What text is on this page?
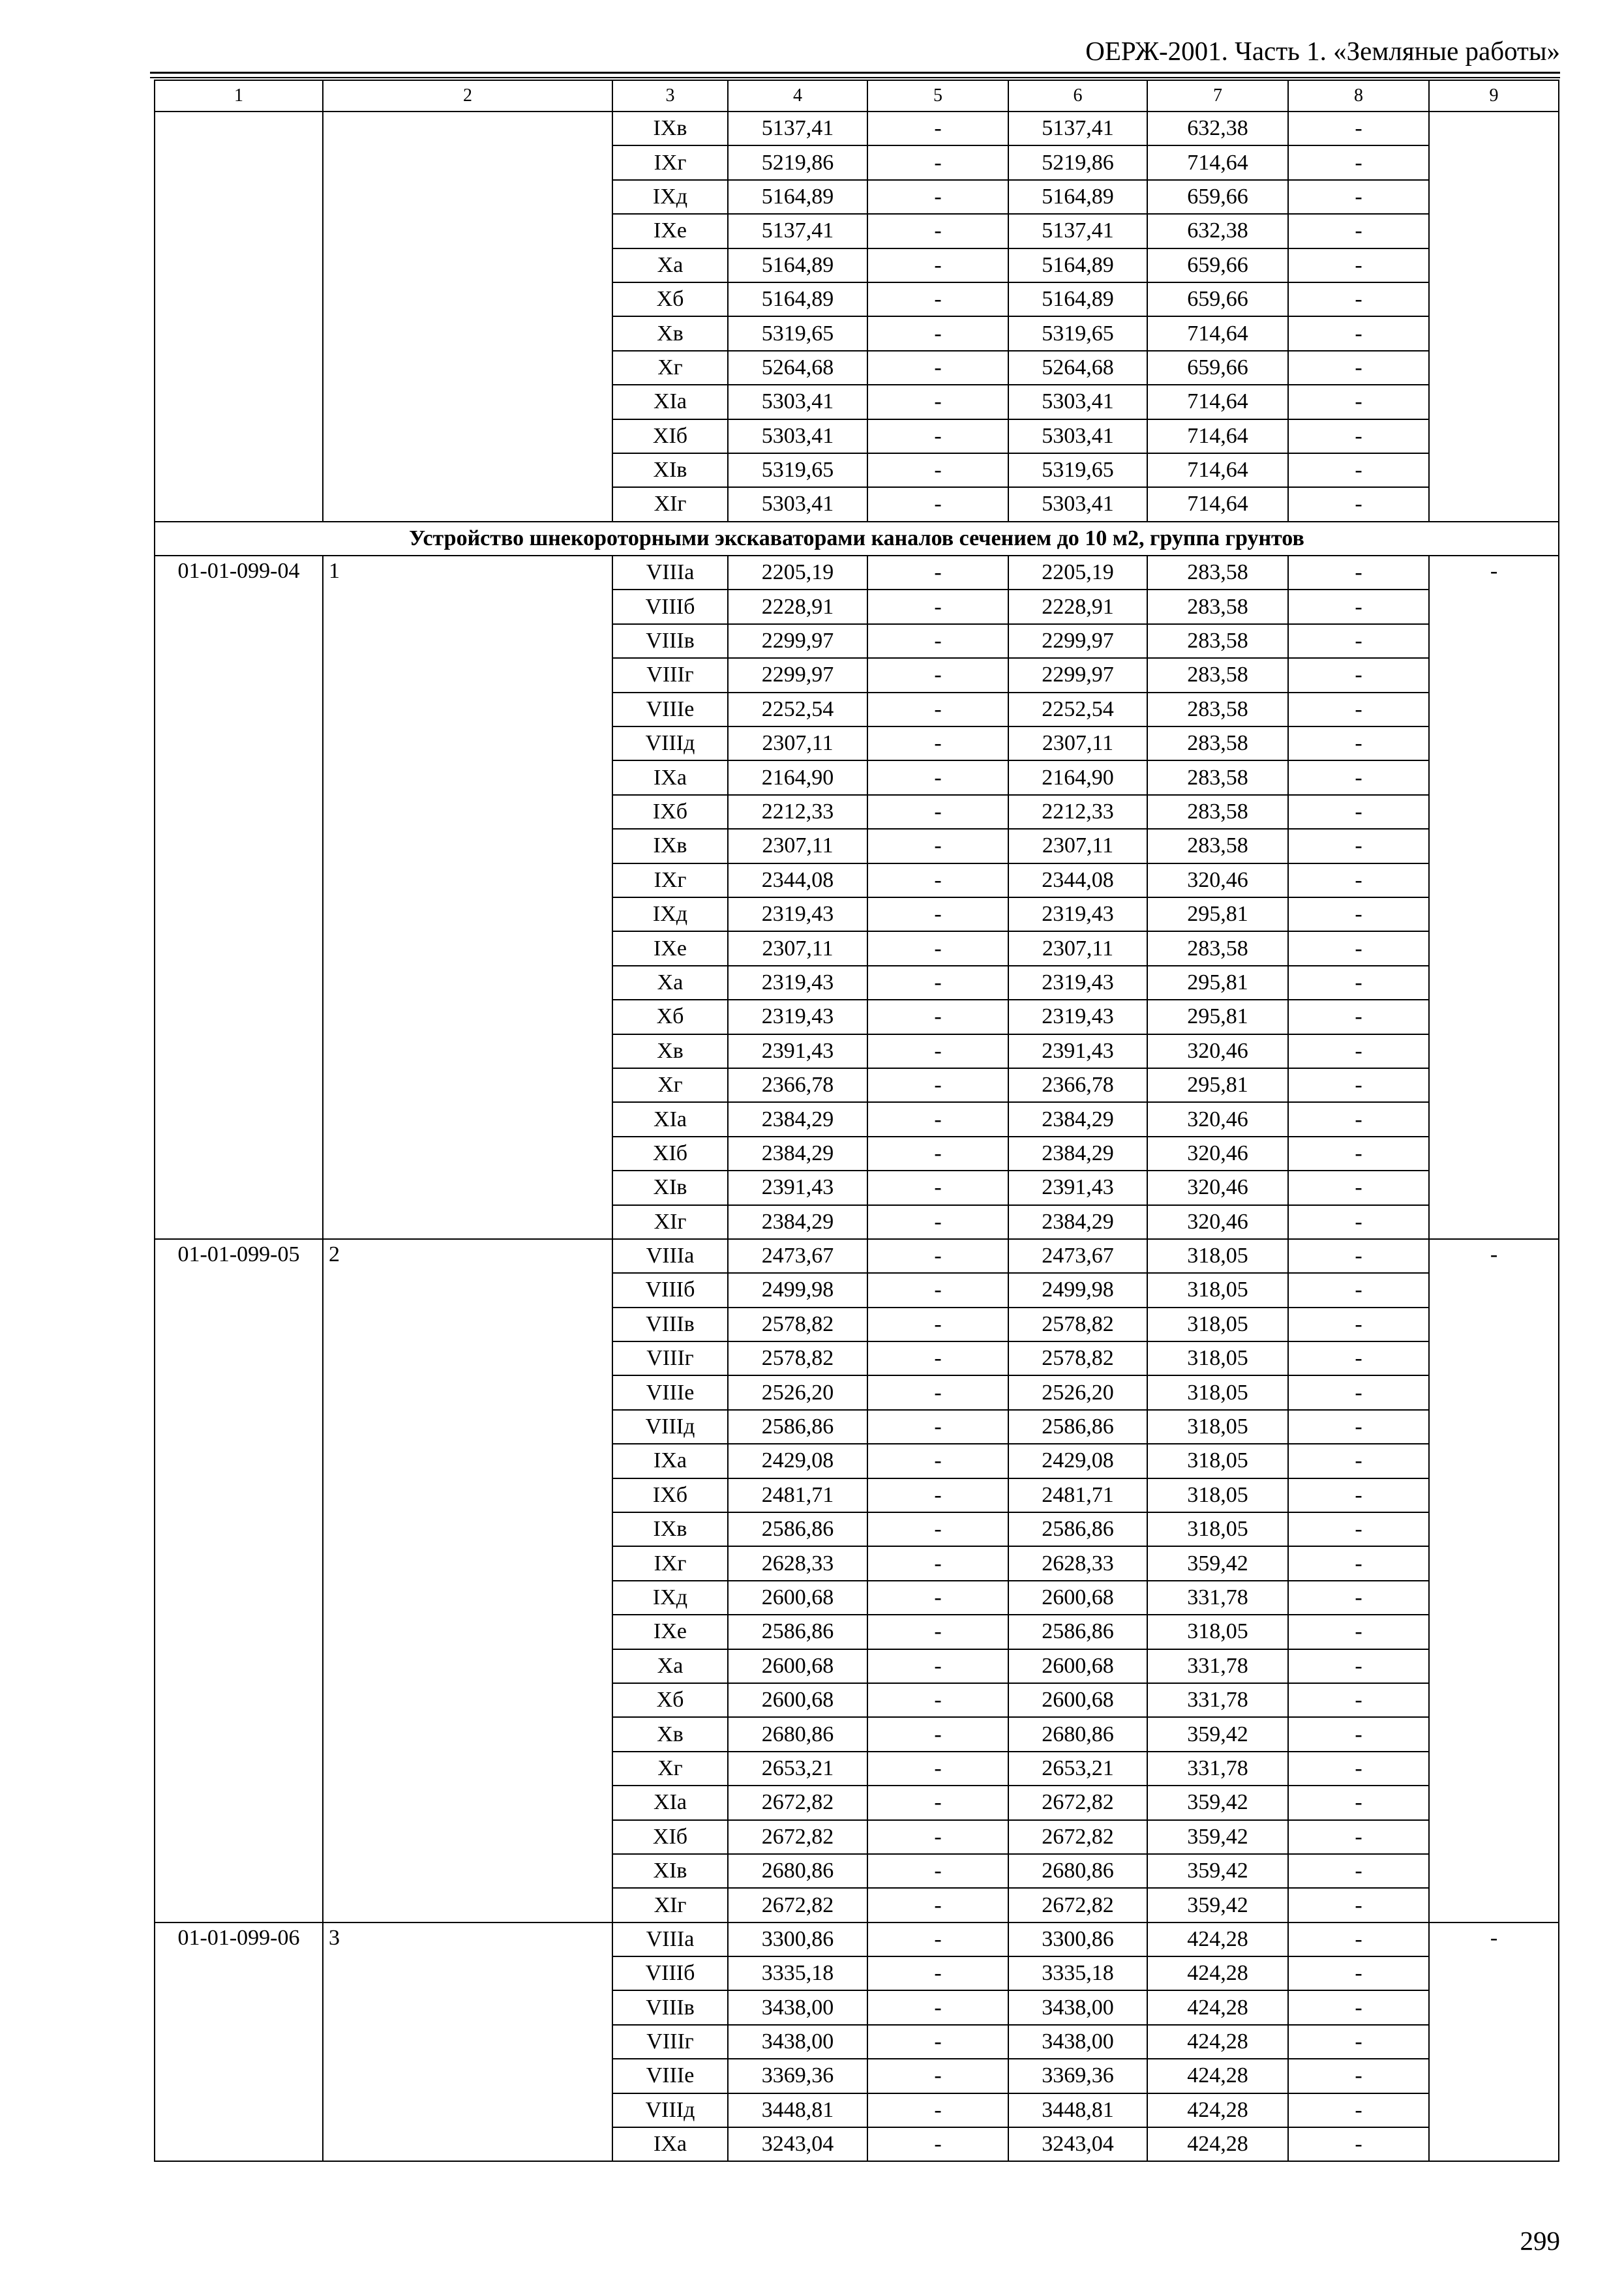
ОЕРЖ-2001. Часть 1. «Земляные работы»
1	2	3	4	5	6	7	8	9
		IXв	5137,41	-	5137,41	632,38	-	
		IXг	5219,86	-	5219,86	714,64	-	
		IXд	5164,89	-	5164,89	659,66	-	
		IXе	5137,41	-	5137,41	632,38	-	
		Xа	5164,89	-	5164,89	659,66	-	
		Xб	5164,89	-	5164,89	659,66	-	
		Xв	5319,65	-	5319,65	714,64	-	
		Xг	5264,68	-	5264,68	659,66	-	
		XIа	5303,41	-	5303,41	714,64	-	
		XIб	5303,41	-	5303,41	714,64	-	
		XIв	5319,65	-	5319,65	714,64	-	
		XIг	5303,41	-	5303,41	714,64	-	
Устройство шнекороторными экскаваторами каналов сечением до 10 м2, группа грунтов								
01-01-099-04	1	VIIIа	2205,19	-	2205,19	283,58	-	-
		VIIIб	2228,91	-	2228,91	283,58	-	
		VIIIв	2299,97	-	2299,97	283,58	-	
		VIIIг	2299,97	-	2299,97	283,58	-	
		VIIIе	2252,54	-	2252,54	283,58	-	
		VIIIд	2307,11	-	2307,11	283,58	-	
		IXа	2164,90	-	2164,90	283,58	-	
		IXб	2212,33	-	2212,33	283,58	-	
		IXв	2307,11	-	2307,11	283,58	-	
		IXг	2344,08	-	2344,08	320,46	-	
		IXд	2319,43	-	2319,43	295,81	-	
		IXе	2307,11	-	2307,11	283,58	-	
		Xа	2319,43	-	2319,43	295,81	-	
		Xб	2319,43	-	2319,43	295,81	-	
		Xв	2391,43	-	2391,43	320,46	-	
		Xг	2366,78	-	2366,78	295,81	-	
		XIа	2384,29	-	2384,29	320,46	-	
		XIб	2384,29	-	2384,29	320,46	-	
		XIв	2391,43	-	2391,43	320,46	-	
		XIг	2384,29	-	2384,29	320,46	-	
01-01-099-05	2	VIIIа	2473,67	-	2473,67	318,05	-	-
		VIIIб	2499,98	-	2499,98	318,05	-	
		VIIIв	2578,82	-	2578,82	318,05	-	
		VIIIг	2578,82	-	2578,82	318,05	-	
		VIIIе	2526,20	-	2526,20	318,05	-	
		VIIIд	2586,86	-	2586,86	318,05	-	
		IXа	2429,08	-	2429,08	318,05	-	
		IXб	2481,71	-	2481,71	318,05	-	
		IXв	2586,86	-	2586,86	318,05	-	
		IXг	2628,33	-	2628,33	359,42	-	
		IXд	2600,68	-	2600,68	331,78	-	
		IXе	2586,86	-	2586,86	318,05	-	
		Xа	2600,68	-	2600,68	331,78	-	
		Xб	2600,68	-	2600,68	331,78	-	
		Xв	2680,86	-	2680,86	359,42	-	
		Xг	2653,21	-	2653,21	331,78	-	
		XIа	2672,82	-	2672,82	359,42	-	
		XIб	2672,82	-	2672,82	359,42	-	
		XIв	2680,86	-	2680,86	359,42	-	
		XIг	2672,82	-	2672,82	359,42	-	
01-01-099-06	3	VIIIа	3300,86	-	3300,86	424,28	-	-
		VIIIб	3335,18	-	3335,18	424,28	-	
		VIIIв	3438,00	-	3438,00	424,28	-	
		VIIIг	3438,00	-	3438,00	424,28	-	
		VIIIе	3369,36	-	3369,36	424,28	-	
		VIIIд	3448,81	-	3448,81	424,28	-	
		IXа	3243,04	-	3243,04	424,28	-	
299
